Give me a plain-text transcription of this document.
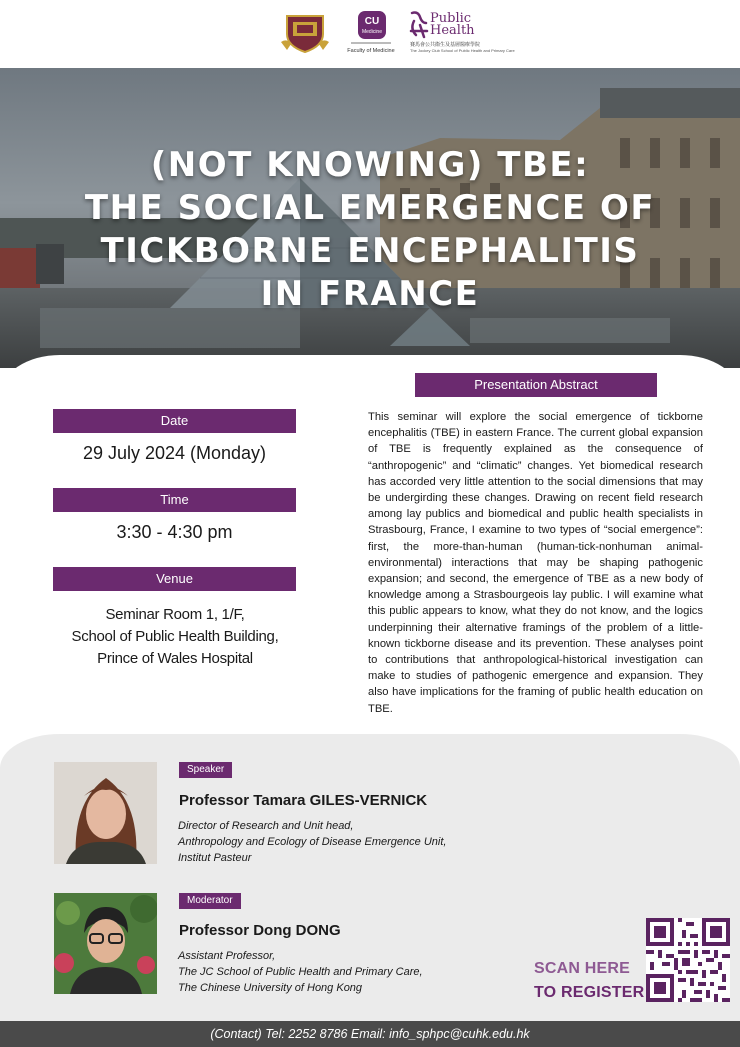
CU
Medicine
Faculty of Medicine
Public
Health
賽馬會公共衞生及基層醫療學院
The Jockey Club School of Public Health and Primary Care
(NOT KNOWING) TBE:
THE SOCIAL EMERGENCE OF
TICKBORNE ENCEPHALITIS
IN FRANCE
Date
29 July 2024 (Monday)
Time
3:30 - 4:30 pm
Venue
Seminar Room 1, 1/F,
School of Public Health Building,
Prince of Wales Hospital
Presentation Abstract
This seminar will explore the social emergence of tickborne encephalitis (TBE) in eastern France. The current global expansion of TBE is frequently explained as the consequence of “anthropogenic” and “climatic” changes. Yet biomedical research has accorded very little attention to the social dimensions that may be undergirding these changes. Drawing on recent field research among lay publics and biomedical and public health specialists in Strasbourg, France, I examine to two types of “social emergence”: first, the more-than-human (human-tick-nonhuman animal-environmental) interactions that may be shaping pathogenic expansion; and second, the emergence of TBE as a new body of knowledge among a Strasbourgeois lay public. I will examine what this public appears to know, what they do not know, and the logics underpinning their alternative framings of the problem of a little-known tickborne disease and its prevention. These analyses point to contributions that anthropological-historical investigation can make to studies of pathogenic emergence and expansion. They also have implications for the framing of public health education on TBE.
Speaker
Professor Tamara GILES-VERNICK
Director of Research and Unit head,
Anthropology and Ecology of Disease Emergence Unit,
Institut Pasteur
Moderator
Professor Dong DONG
Assistant Professor,
The JC School of Public Health and Primary Care,
The Chinese University of Hong Kong
SCAN HERE
TO REGISTER
(Contact) Tel: 2252 8786 Email: info_sphpc@cuhk.edu.hk
